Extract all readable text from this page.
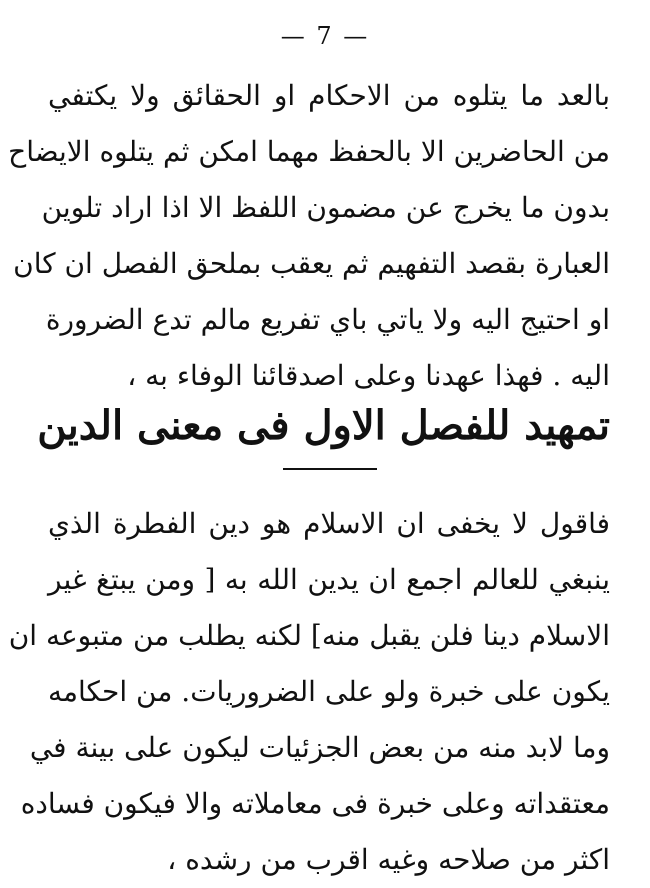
— 7 —
بالعد ما يتلوه من الاحكام او الحقائق ولا يكتفي
من الحاضرين الا بالحفظ مهما امكن ثم يتلوه الايضاح
بدون ما يخرج عن مضمون اللفظ الا اذا اراد تلوين
العبارة بقصد التفهيم ثم يعقب بملحق الفصل ان كان
او احتيج اليه ولا ياتي باي تفريع مالم تدع الضرورة
اليه . فهذا عهدنا وعلى اصدقائنا الوفاء به ،
تمهيد للفصل الاول فى معنى الدين
فاقول لا يخفى ان الاسلام هو دين الفطرة الذي
ينبغي للعالم اجمع ان يدين الله به [ ومن يبتغ غير
الاسلام دينا فلن يقبل منه] لكنه يطلب من متبوعه ان
يكون على خبرة ولو على الضروريات. من احكامه
وما لابد منه من بعض الجزئيات ليكون على بينة في
معتقداته وعلى خبرة فى معاملاته والا فيكون فساده
اكثر من صلاحه وغيه اقرب من رشده ،
